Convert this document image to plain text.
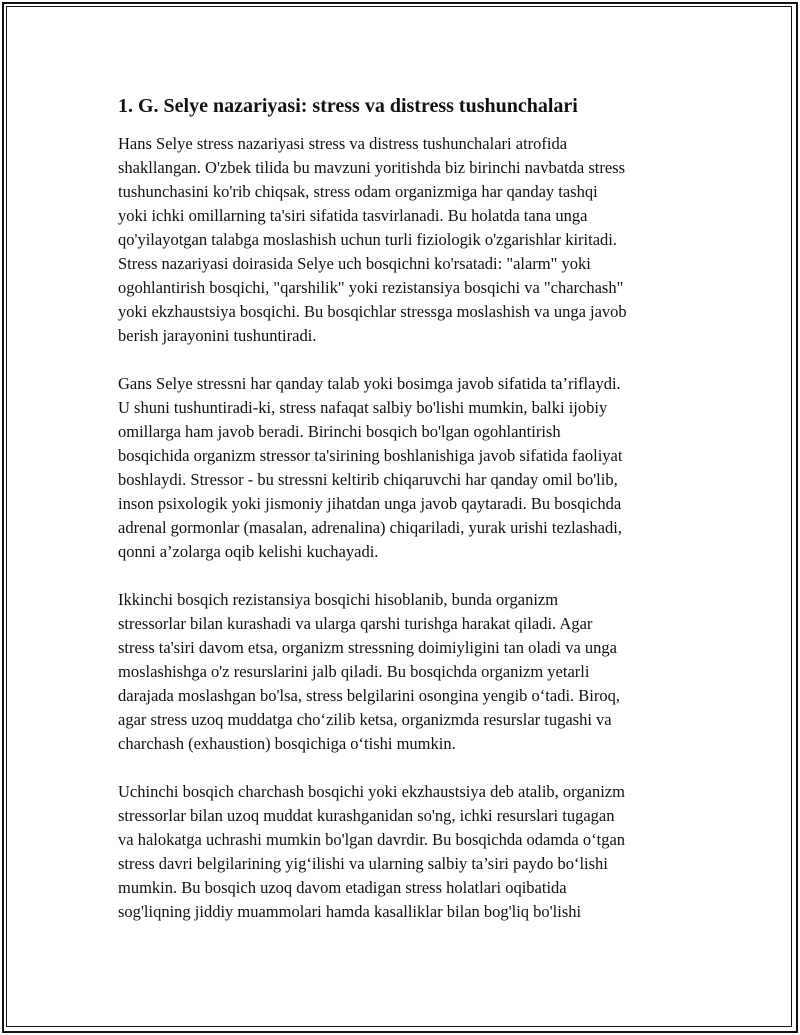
1. G. Selye nazariyasi: stress va distress tushunchalari

Hans Selye stress nazariyasi stress va distress tushunchalari atrofida
shakllangan. O'zbek tilida bu mavzuni yoritishda biz birinchi navbatda stress
tushunchasini ko'rib chiqsak, stress odam organizmiga har qanday tashqi
yoki ichki omillarning ta'siri sifatida tasvirlanadi. Bu holatda tana unga
qo'yilayotgan talabga moslashish uchun turli fiziologik o'zgarishlar kiritadi.
Stress nazariyasi doirasida Selye uch bosqichni ko'rsatadi: "alarm" yoki
ogohlantirish bosqichi, "qarshilik" yoki rezistansiya bosqichi va "charchash"
yoki ekzhaustsiya bosqichi. Bu bosqichlar stressga moslashish va unga javob
berish jarayonini tushuntiradi.

Gans Selye stressni har qanday talab yoki bosimga javob sifatida ta’riflaydi.
U shuni tushuntiradi-ki, stress nafaqat salbiy bo'lishi mumkin, balki ijobiy
omillarga ham javob beradi. Birinchi bosqich bo'lgan ogohlantirish
bosqichida organizm stressor ta'sirining boshlanishiga javob sifatida faoliyat
boshlaydi. Stressor - bu stressni keltirib chiqaruvchi har qanday omil bo'lib,
inson psixologik yoki jismoniy jihatdan unga javob qaytaradi. Bu bosqichda
adrenal gormonlar (masalan, adrenalina) chiqariladi, yurak urishi tezlashadi,
qonni a’zolarga oqib kelishi kuchayadi.

Ikkinchi bosqich rezistansiya bosqichi hisoblanib, bunda organizm
stressorlar bilan kurashadi va ularga qarshi turishga harakat qiladi. Agar
stress ta'siri davom etsa, organizm stressning doimiyligini tan oladi va unga
moslashishga o'z resurslarini jalb qiladi. Bu bosqichda organizm yetarli
darajada moslashgan bo'lsa, stress belgilarini osongina yengib o‘tadi. Biroq,
agar stress uzoq muddatga cho‘zilib ketsa, organizmda resurslar tugashi va
charchash (exhaustion) bosqichiga o‘tishi mumkin.

Uchinchi bosqich charchash bosqichi yoki ekzhaustsiya deb atalib, organizm
stressorlar bilan uzoq muddat kurashganidan so'ng, ichki resurslari tugagan
va halokatga uchrashi mumkin bo'lgan davrdir. Bu bosqichda odamda o‘tgan
stress davri belgilarining yig‘ilishi va ularning salbiy ta’siri paydo bo‘lishi
mumkin. Bu bosqich uzoq davom etadigan stress holatlari oqibatida
sog'liqning jiddiy muammolari hamda kasalliklar bilan bog'liq bo'lishi
